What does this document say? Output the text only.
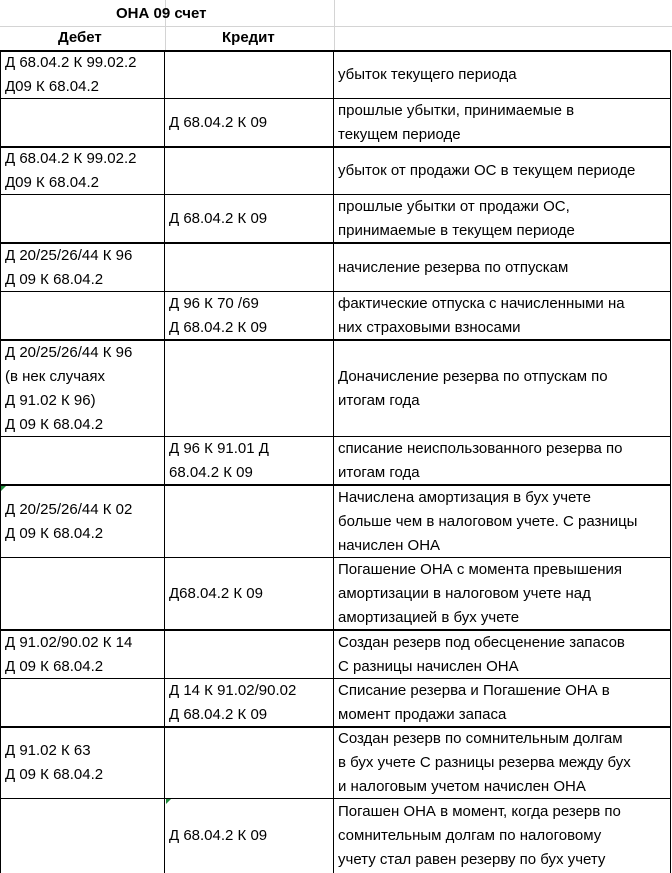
ОНА 09 счет
Дебет	Кредит
Д 68.04.2 К 99.02.2
Д09 К 68.04.2
убыток текущего периода
Д 68.04.2 К 09
прошлые убытки, принимаемые в
текущем периоде
Д 68.04.2 К 99.02.2
Д09 К 68.04.2
убыток от продажи ОС в текущем периоде
Д 68.04.2 К 09
прошлые убытки от продажи ОС,
принимаемые в текущем периоде
Д 20/25/26/44 К 96
Д 09 К 68.04.2
начисление резерва по отпускам
Д 96 К 70 /69
Д 68.04.2 К 09
фактические отпуска с начисленными на
них страховыми взносами
Д 20/25/26/44 К 96
(в нек случаях
Д 91.02 К 96)
Д 09 К 68.04.2
Доначисление резерва по отпускам по
итогам года
Д 96 К 91.01 Д
68.04.2 К 09
списание неиспользованного резерва по
итогам года
Д 20/25/26/44 К 02
Д 09 К 68.04.2
Начислена амортизация в бух учете
больше чем в налоговом учете. С разницы
начислен ОНА
Д68.04.2 К 09
Погашение ОНА с момента превышения
амортизации в налоговом учете над
амортизацией в бух учете
Д 91.02/90.02 К 14
Д 09 К 68.04.2
Создан резерв под обесценение запасов
С разницы начислен ОНА
Д 14 К 91.02/90.02
Д 68.04.2 К 09
Списание резерва и Погашение ОНА в
момент продажи запаса
Д 91.02 К 63
Д 09 К 68.04.2
Создан резерв по сомнительным долгам
в бух учете С разницы резерва между бух
и налоговым учетом начислен ОНА
Д 68.04.2 К 09
Погашен ОНА в момент, когда резерв по
сомнительным долгам по налоговому
учету стал равен резерву по бух учету
